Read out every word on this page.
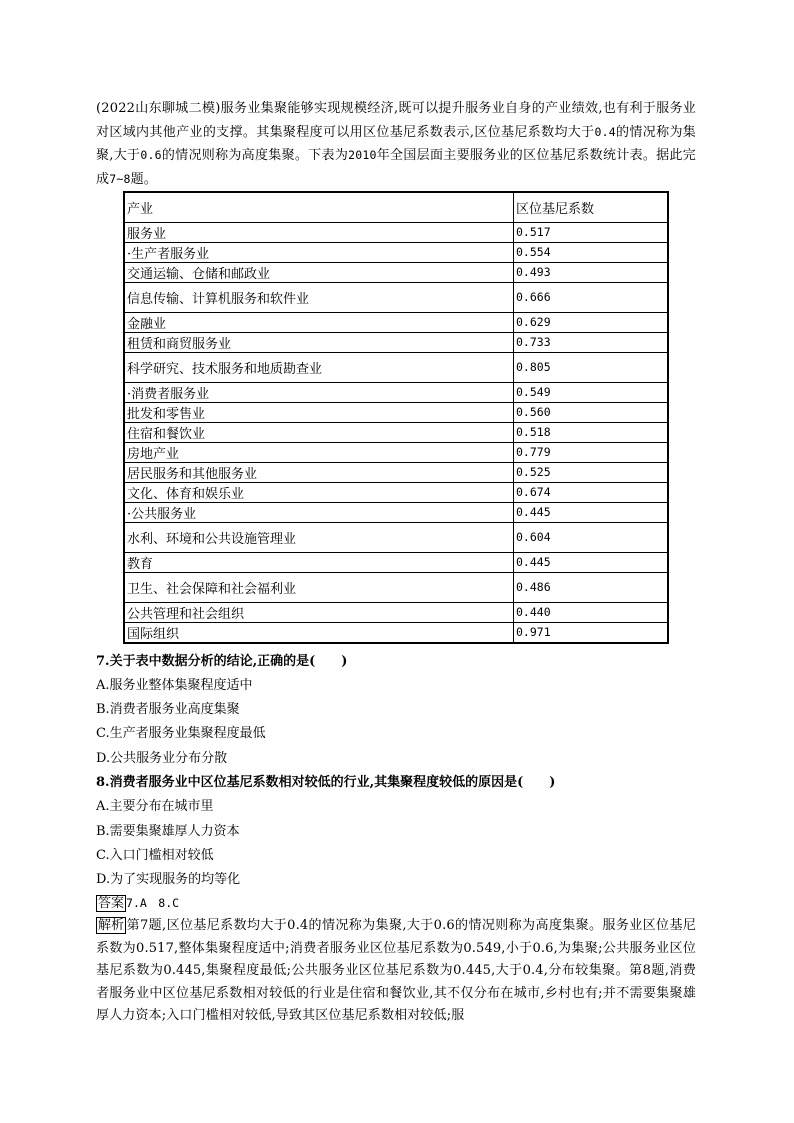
(2022山东聊城二模)服务业集聚能够实现规模经济,既可以提升服务业自身的产业绩效,也有利于服务业对区域内其他产业的支撑。其集聚程度可以用区位基尼系数表示,区位基尼系数均大于0.4的情况称为集聚,大于0.6的情况则称为高度集聚。下表为2010年全国层面主要服务业的区位基尼系数统计表。据此完成7~8题。

产业	区位基尼系数
服务业	0.517
·生产者服务业	0.554
交通运输、仓储和邮政业	0.493
信息传输、计算机服务和软件业	0.666
金融业	0.629
租赁和商贸服务业	0.733
科学研究、技术服务和地质勘查业	0.805
·消费者服务业	0.549
批发和零售业	0.560
住宿和餐饮业	0.518
房地产业	0.779
居民服务和其他服务业	0.525
文化、体育和娱乐业	0.674
·公共服务业	0.445
水利、环境和公共设施管理业	0.604
教育	0.445
卫生、社会保障和社会福利业	0.486
公共管理和社会组织	0.440
国际组织	0.971

7.关于表中数据分析的结论,正确的是(　　)

A.服务业整体集聚程度适中

B.消费者服务业高度集聚

C.生产者服务业集聚程度最低

D.公共服务业分布分散

8.消费者服务业中区位基尼系数相对较低的行业,其集聚程度较低的原因是(　　)

A.主要分布在城市里

B.需要集聚雄厚人力资本

C.入口门槛相对较低

D.为了实现服务的均等化

答案 7.A　8.C

解析 第7题,区位基尼系数均大于0.4的情况称为集聚,大于0.6的情况则称为高度集聚。服务业区位基尼系数为0.517,整体集聚程度适中;消费者服务业区位基尼系数为0.549,小于0.6,为集聚;公共服务业区位基尼系数为0.445,集聚程度最低;公共服务业区位基尼系数为0.445,大于0.4,分布较集聚。第8题,消费者服务业中区位基尼系数相对较低的行业是住宿和餐饮业,其不仅分布在城市,乡村也有;并不需要集聚雄厚人力资本;入口门槛相对较低,导致其区位基尼系数相对较低;服
